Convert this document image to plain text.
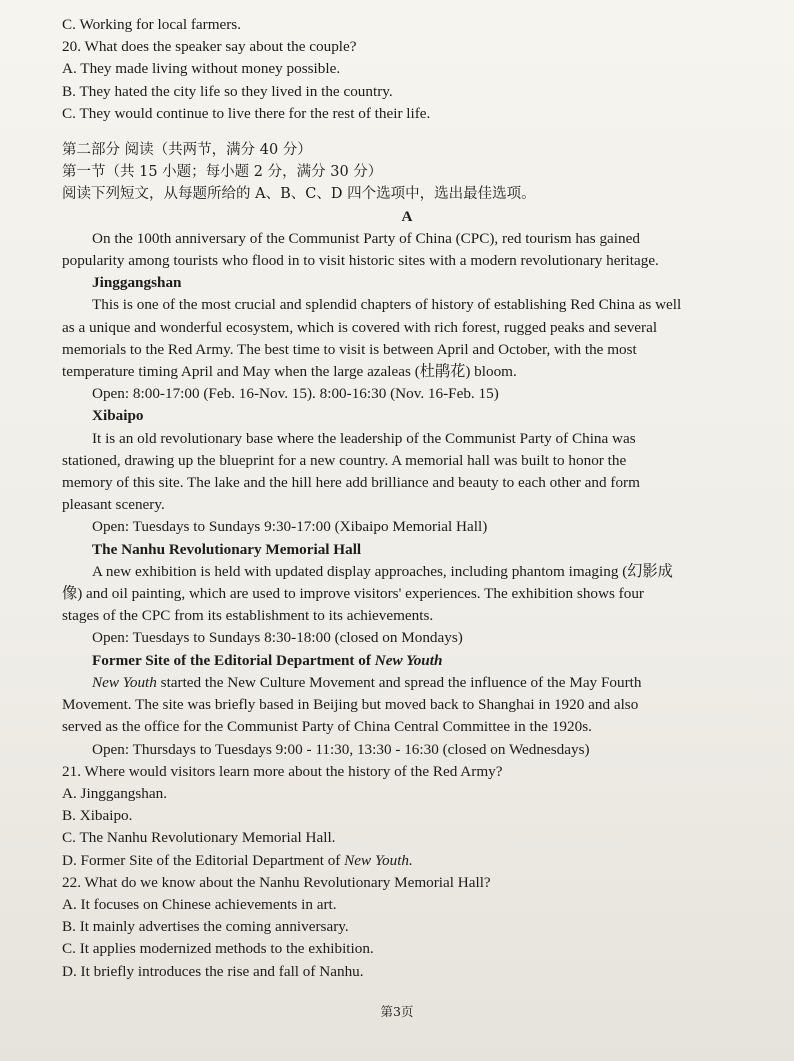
C. Working for local farmers.
20. What does the speaker say about the couple?
A. They made living without money possible.
B. They hated the city life so they lived in the country.
C. They would continue to live there for the rest of their life.
第二部分 阅读（共两节，满分 40 分）
第一节（共 15 小题；每小题 2 分，满分 30 分）
阅读下列短文，从每题所给的 A、B、C、D 四个选项中，选出最佳选项。
A
On the 100th anniversary of the Communist Party of China (CPC), red tourism has gained
popularity among tourists who flood in to visit historic sites with a modern revolutionary heritage.
Jinggangshan
This is one of the most crucial and splendid chapters of history of establishing Red China as well
as a unique and wonderful ecosystem, which is covered with rich forest, rugged peaks and several
memorials to the Red Army. The best time to visit is between April and October, with the most
temperature timing April and May when the large azaleas (杜鹃花) bloom.
Open: 8:00-17:00 (Feb. 16-Nov. 15). 8:00-16:30 (Nov. 16-Feb. 15)
Xibaipo
It is an old revolutionary base where the leadership of the Communist Party of China was
stationed, drawing up the blueprint for a new country. A memorial hall was built to honor the
memory of this site. The lake and the hill here add brilliance and beauty to each other and form
pleasant scenery.
Open: Tuesdays to Sundays 9:30-17:00 (Xibaipo Memorial Hall)
The Nanhu Revolutionary Memorial Hall
A new exhibition is held with updated display approaches, including phantom imaging (幻影成
像) and oil painting, which are used to improve visitors' experiences. The exhibition shows four
stages of the CPC from its establishment to its achievements.
Open: Tuesdays to Sundays 8:30-18:00 (closed on Mondays)
Former Site of the Editorial Department of New Youth
New Youth started the New Culture Movement and spread the influence of the May Fourth
Movement. The site was briefly based in Beijing but moved back to Shanghai in 1920 and also
served as the office for the Communist Party of China Central Committee in the 1920s.
Open: Thursdays to Tuesdays 9:00 - 11:30, 13:30 - 16:30 (closed on Wednesdays)
21. Where would visitors learn more about the history of the Red Army?
A. Jinggangshan.
B. Xibaipo.
C. The Nanhu Revolutionary Memorial Hall.
D. Former Site of the Editorial Department of New Youth.
22. What do we know about the Nanhu Revolutionary Memorial Hall?
A. It focuses on Chinese achievements in art.
B. It mainly advertises the coming anniversary.
C. It applies modernized methods to the exhibition.
D. It briefly introduces the rise and fall of Nanhu.
第3页
